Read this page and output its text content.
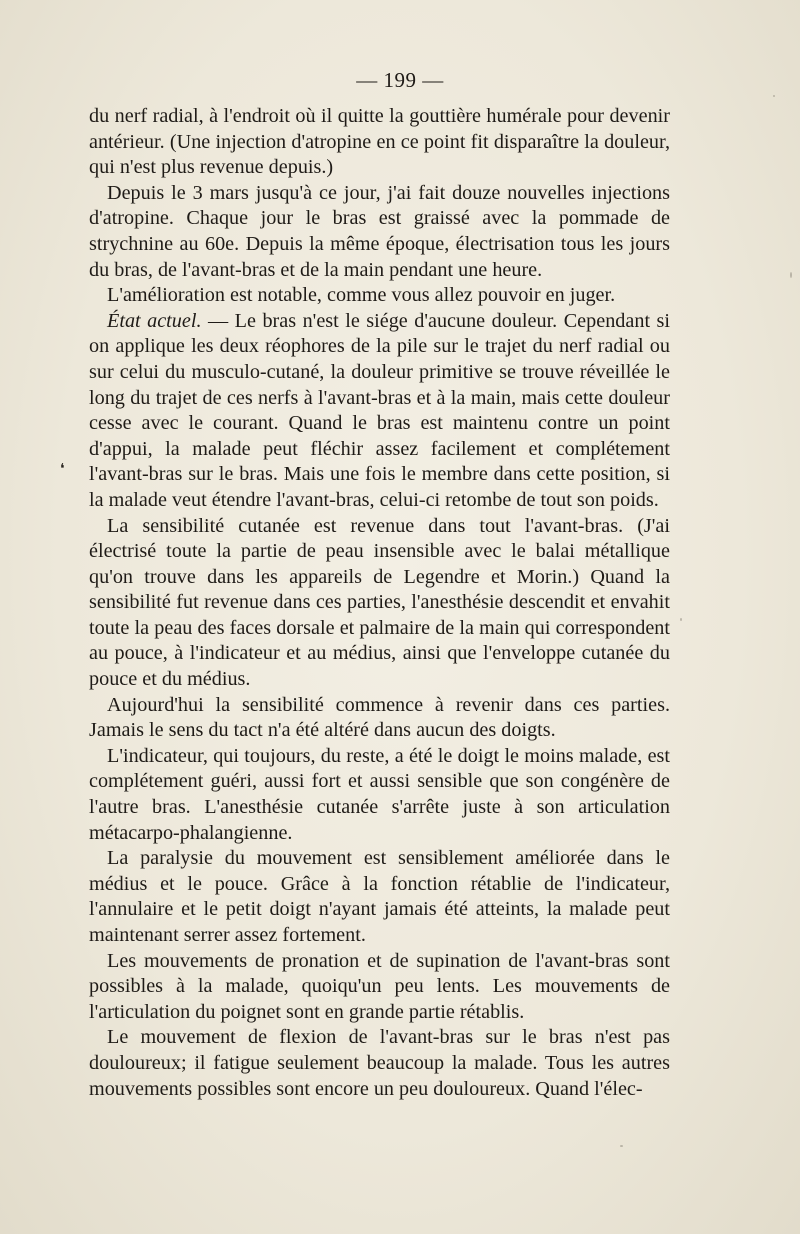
— 199 —
❛

du nerf radial, à l'endroit où il quitte la gouttière humérale pour devenir antérieur. (Une injection d'atropine en ce point fit disparaître la douleur, qui n'est plus revenue depuis.)

Depuis le 3 mars jusqu'à ce jour, j'ai fait douze nouvelles injections d'atropine. Chaque jour le bras est graissé avec la pommade de strychnine au 60e. Depuis la même époque, électrisation tous les jours du bras, de l'avant-bras et de la main pendant une heure.

L'amélioration est notable, comme vous allez pouvoir en juger.

État actuel. — Le bras n'est le siége d'aucune douleur. Cependant si on applique les deux réophores de la pile sur le trajet du nerf radial ou sur celui du musculo-cutané, la douleur primitive se trouve réveillée le long du trajet de ces nerfs à l'avant-bras et à la main, mais cette douleur cesse avec le courant. Quand le bras est maintenu contre un point d'appui, la malade peut fléchir assez facilement et complétement l'avant-bras sur le bras. Mais une fois le membre dans cette position, si la malade veut étendre l'avant-bras, celui-ci retombe de tout son poids.

La sensibilité cutanée est revenue dans tout l'avant-bras. (J'ai électrisé toute la partie de peau insensible avec le balai métallique qu'on trouve dans les appareils de Legendre et Morin.) Quand la sensibilité fut revenue dans ces parties, l'anesthésie descendit et envahit toute la peau des faces dorsale et palmaire de la main qui correspondent au pouce, à l'indicateur et au médius, ainsi que l'enveloppe cutanée du pouce et du médius.

Aujourd'hui la sensibilité commence à revenir dans ces parties. Jamais le sens du tact n'a été altéré dans aucun des doigts.

L'indicateur, qui toujours, du reste, a été le doigt le moins malade, est complétement guéri, aussi fort et aussi sensible que son congénère de l'autre bras. L'anesthésie cutanée s'arrête juste à son articulation métacarpo-phalangienne.

La paralysie du mouvement est sensiblement améliorée dans le médius et le pouce. Grâce à la fonction rétablie de l'indicateur, l'annulaire et le petit doigt n'ayant jamais été atteints, la malade peut maintenant serrer assez fortement.

Les mouvements de pronation et de supination de l'avant-bras sont possibles à la malade, quoiqu'un peu lents. Les mouvements de l'articulation du poignet sont en grande partie rétablis.

Le mouvement de flexion de l'avant-bras sur le bras n'est pas douloureux; il fatigue seulement beaucoup la malade. Tous les autres mouvements possibles sont encore un peu douloureux. Quand l'élec-
